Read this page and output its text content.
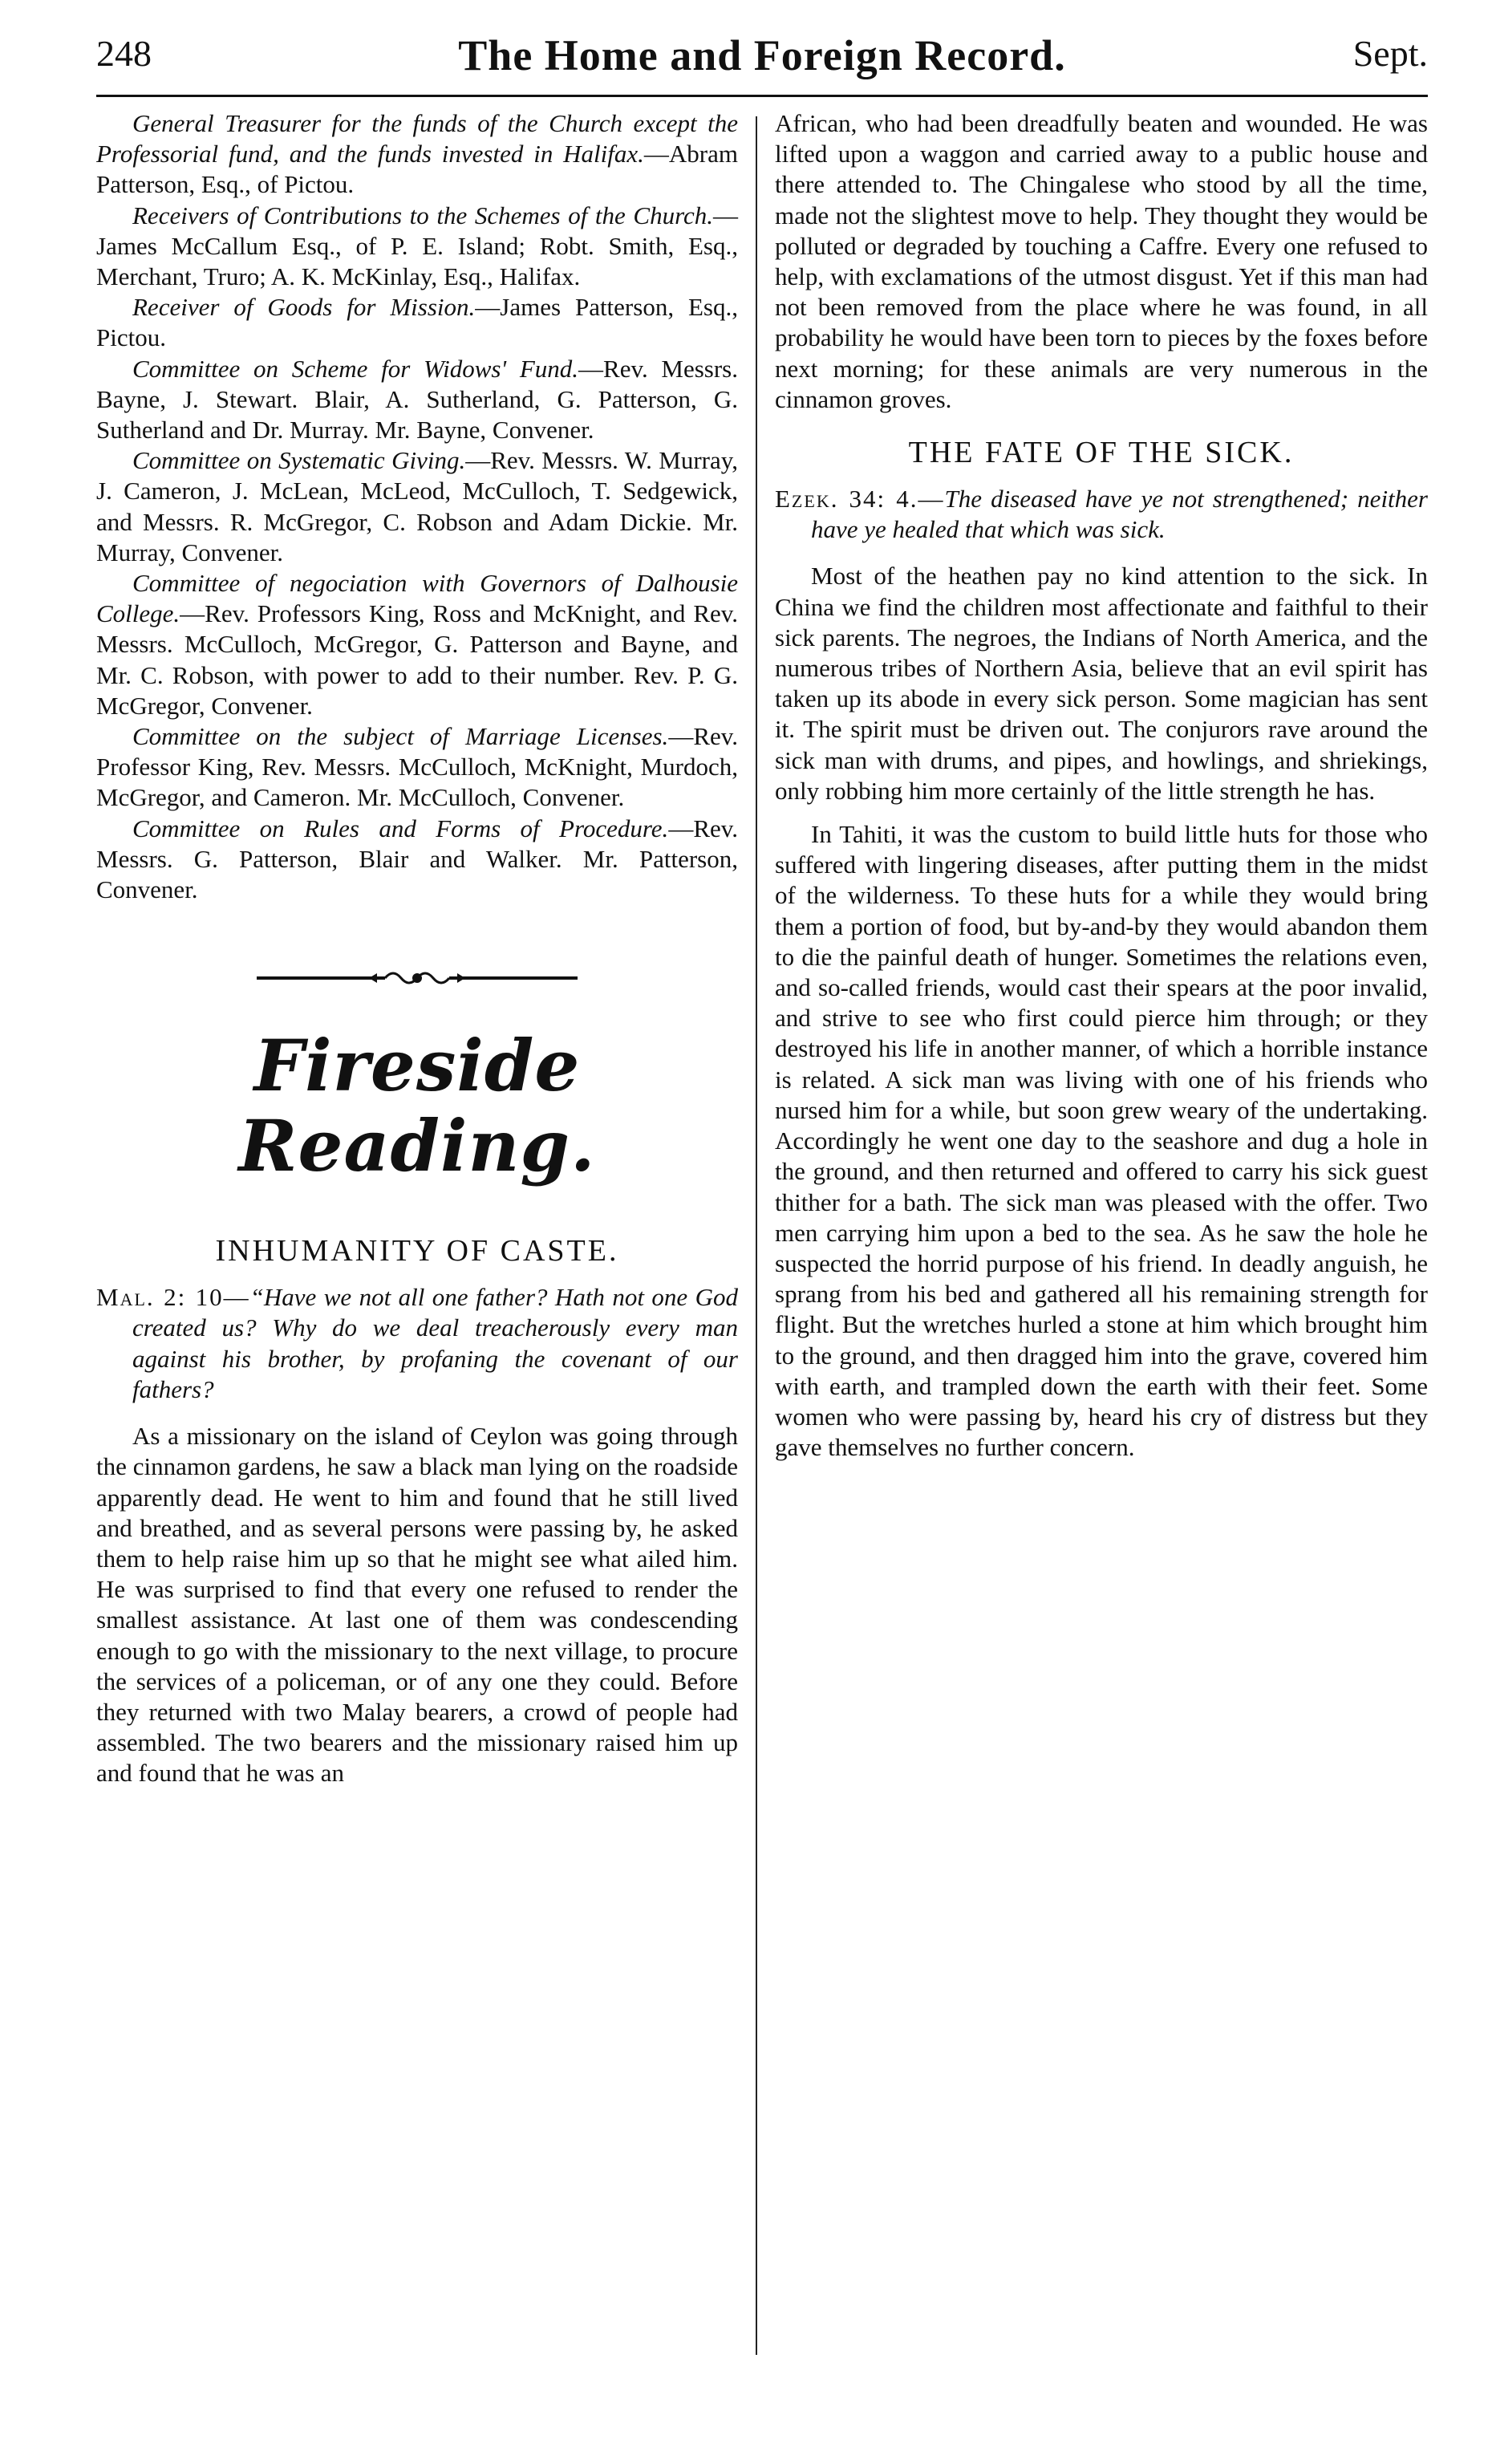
248	The Home and Foreign Record.	Sept.

General Treasurer for the funds of the Church except the Professorial fund, and the funds invested in Halifax.—Abram Patterson, Esq., of Pictou.

Receivers of Contributions to the Schemes of the Church.—James McCallum Esq., of P. E. Island; Robt. Smith, Esq., Merchant, Truro; A. K. McKinlay, Esq., Halifax.

Receiver of Goods for Mission.—James Patterson, Esq., Pictou.

Committee on Scheme for Widows' Fund.—Rev. Messrs. Bayne, J. Stewart. Blair, A. Sutherland, G. Patterson, G. Sutherland and Dr. Murray. Mr. Bayne, Convener.

Committee on Systematic Giving.—Rev. Messrs. W. Murray, J. Cameron, J. McLean, McLeod, McCulloch, T. Sedgewick, and Messrs. R. McGregor, C. Robson and Adam Dickie. Mr. Murray, Convener.

Committee of negociation with Governors of Dalhousie College.—Rev. Professors King, Ross and McKnight, and Rev. Messrs. McCulloch, McGregor, G. Patterson and Bayne, and Mr. C. Robson, with power to add to their number. Rev. P. G. McGregor, Convener.

Committee on the subject of Marriage Licenses.—Rev. Professor King, Rev. Messrs. McCulloch, McKnight, Murdoch, McGregor, and Cameron. Mr. McCulloch, Convener.

Committee on Rules and Forms of Procedure.—Rev. Messrs. G. Patterson, Blair and Walker. Mr. Patterson, Convener.

Fireside Reading.
INHUMANITY OF CASTE.

Mal. 2: 10—“Have we not all one father? Hath not one God created us? Why do we deal treacherously every man against his brother, by profaning the covenant of our fathers?

As a missionary on the island of Ceylon was going through the cinnamon gardens, he saw a black man lying on the roadside apparently dead. He went to him and found that he still lived and breathed, and as several persons were passing by, he asked them to help raise him up so that he might see what ailed him. He was surprised to find that every one refused to render the smallest assistance. At last one of them was condescending enough to go with the missionary to the next village, to procure the services of a policeman, or of any one they could. Before they returned with two Malay bearers, a crowd of people had assembled. The two bearers and the missionary raised him up and found that he was an

African, who had been dreadfully beaten and wounded. He was lifted upon a waggon and carried away to a public house and there attended to. The Chingalese who stood by all the time, made not the slightest move to help. They thought they would be polluted or degraded by touching a Caffre. Every one refused to help, with exclamations of the utmost disgust. Yet if this man had not been removed from the place where he was found, in all probability he would have been torn to pieces by the foxes before next morning; for these animals are very numerous in the cinnamon groves.

THE FATE OF THE SICK.

Ezek. 34: 4.—The diseased have ye not strengthened; neither have ye healed that which was sick.

Most of the heathen pay no kind attention to the sick. In China we find the children most affectionate and faithful to their sick parents. The negroes, the Indians of North America, and the numerous tribes of Northern Asia, believe that an evil spirit has taken up its abode in every sick person. Some magician has sent it. The spirit must be driven out. The conjurors rave around the sick man with drums, and pipes, and howlings, and shriekings, only robbing him more certainly of the little strength he has.

In Tahiti, it was the custom to build little huts for those who suffered with lingering diseases, after putting them in the midst of the wilderness. To these huts for a while they would bring them a portion of food, but by-and-by they would abandon them to die the painful death of hunger. Sometimes the relations even, and so-called friends, would cast their spears at the poor invalid, and strive to see who first could pierce him through; or they destroyed his life in another manner, of which a horrible instance is related. A sick man was living with one of his friends who nursed him for a while, but soon grew weary of the undertaking. Accordingly he went one day to the seashore and dug a hole in the ground, and then returned and offered to carry his sick guest thither for a bath. The sick man was pleased with the offer. Two men carrying him upon a bed to the sea. As he saw the hole he suspected the horrid purpose of his friend. In deadly anguish, he sprang from his bed and gathered all his remaining strength for flight. But the wretches hurled a stone at him which brought him to the ground, and then dragged him into the grave, covered him with earth, and trampled down the earth with their feet. Some women who were passing by, heard his cry of distress but they gave themselves no further concern.
